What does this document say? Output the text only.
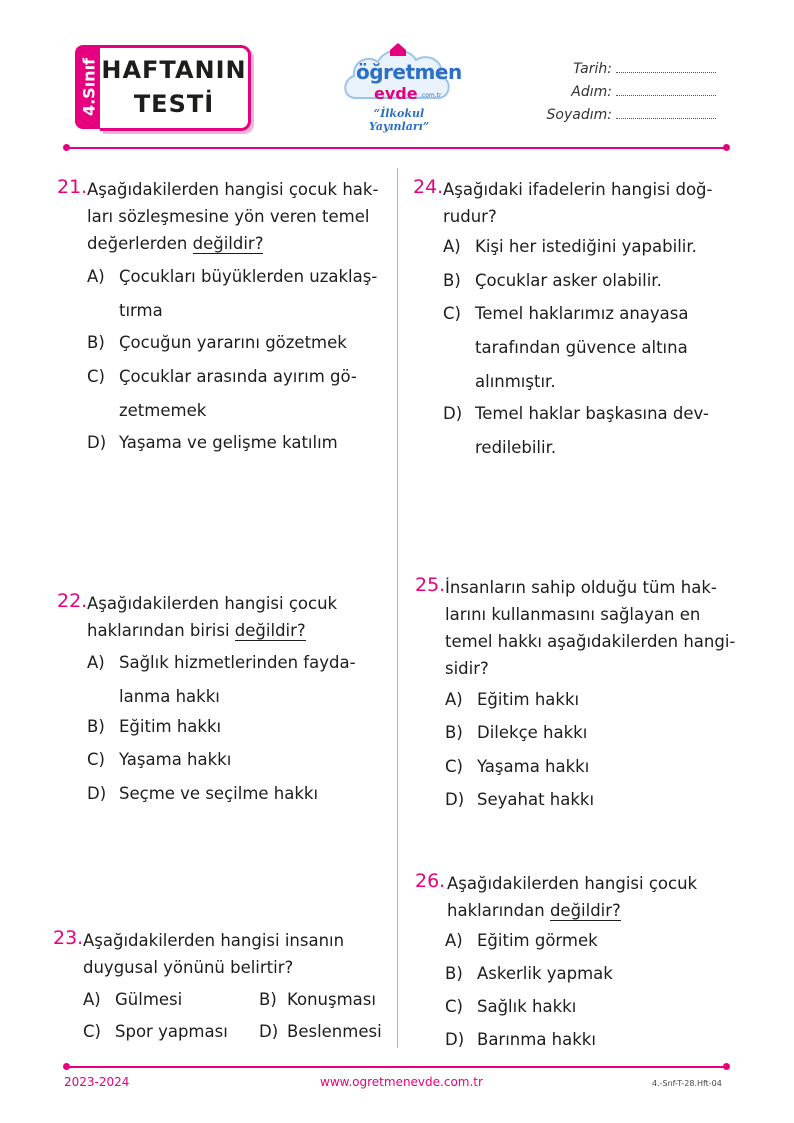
4.Sınıf HAFTANIN
TESTİ
öğretmen
evde .com.tr
“İlkokul Yayınları”
Tarih:
Adım:
Soyadım:
21. Aşağıdakilerden hangisi çocuk hak-
ları sözleşmesine yön veren temel
değerlerden değildir?
A) Çocukları büyüklerden uzaklaş-
tırma
B) Çocuğun yararını gözetmek
C) Çocuklar arasında ayırım gö-
zetmemek
D) Yaşama ve gelişme katılım
22. Aşağıdakilerden hangisi çocuk
haklarından birisi değildir?
A) Sağlık hizmetlerinden fayda-
lanma hakkı
B) Eğitim hakkı
C) Yaşama hakkı
D) Seçme ve seçilme hakkı
23. Aşağıdakilerden hangisi insanın
duygusal yönünü belirtir?
A) Gülmesi	B) Konuşması
C) Spor yapması D) Beslenmesi
24. Aşağıdaki ifadelerin hangisi doğ-
rudur?
A) Kişi her istediğini yapabilir.
B) Çocuklar asker olabilir.
C) Temel haklarımız anayasa
tarafından güvence altına
alınmıştır.
D) Temel haklar başkasına dev-
redilebilir.
25. İnsanların sahip olduğu tüm hak-
larını kullanmasını sağlayan en
temel hakkı aşağıdakilerden hangi-
sidir?
A) Eğitim hakkı
B) Dilekçe hakkı
C) Yaşama hakkı
D) Seyahat hakkı
26. Aşağıdakilerden hangisi çocuk
haklarından değildir?
A) Eğitim görmek
B) Askerlik yapmak
C) Sağlık hakkı
D) Barınma hakkı
2023-2024	www.ogretmenevde.com.tr	4.-Snf-T-28.Hft-04
